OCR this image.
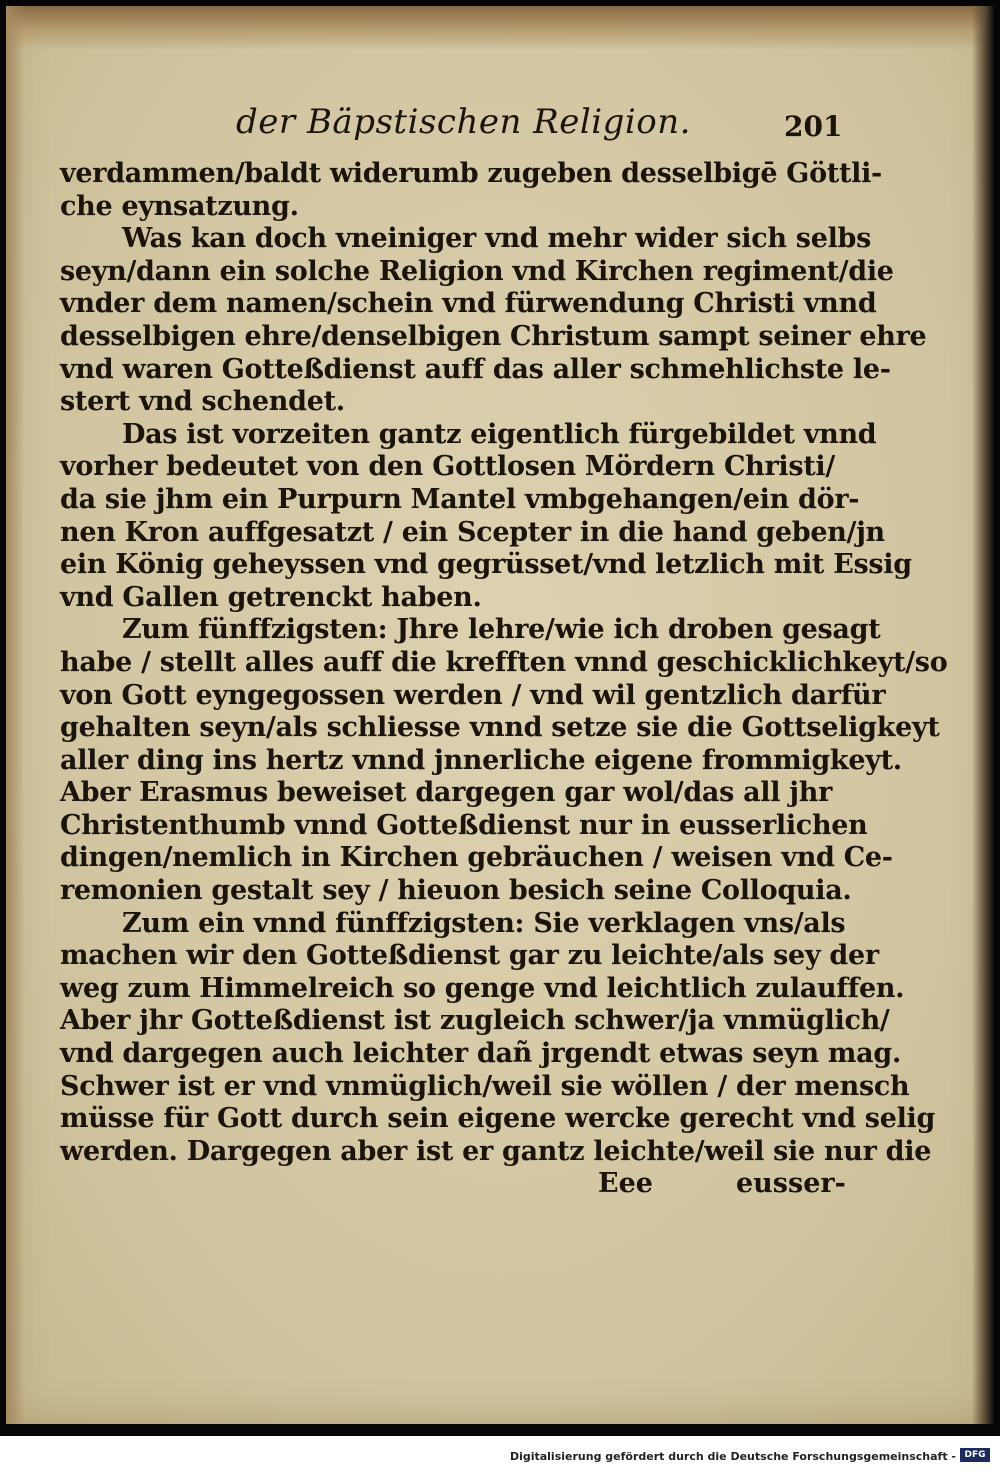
der Bäpstischen Religion.	201
verdammen/baldt widerumb zugeben desselbigē Göttli-
che eynsatzung.
Was kan doch vneiniger vnd mehr wider sich selbs
seyn/dann ein solche Religion vnd Kirchen regiment/die
vnder dem namen/schein vnd fürwendung Christi vnnd
desselbigen ehre/denselbigen Christum sampt seiner ehre
vnd waren Gotteßdienst auff das aller schmehlichste le-
stert vnd schendet.
Das ist vorzeiten gantz eigentlich fürgebildet vnnd
vorher bedeutet von den Gottlosen Mördern Christi/
da sie jhm ein Purpurn Mantel vmbgehangen/ein dör-
nen Kron auffgesatzt / ein Scepter in die hand geben/jn
ein König geheyssen vnd gegrüsset/vnd letzlich mit Essig
vnd Gallen getrenckt haben.
Zum fünffzigsten: Jhre lehre/wie ich droben gesagt
habe / stellt alles auff die krefften vnnd geschicklichkeyt/so
von Gott eyngegossen werden / vnd wil gentzlich darfür
gehalten seyn/als schliesse vnnd setze sie die Gottseligkeyt
aller ding ins hertz vnnd jnnerliche eigene frommigkeyt.
Aber Erasmus beweiset dargegen gar wol/das all jhr
Christenthumb vnnd Gotteßdienst nur in eusserlichen
dingen/nemlich in Kirchen gebräuchen / weisen vnd Ce-
remonien gestalt sey / hieuon besich seine Colloquia.
Zum ein vnnd fünffzigsten: Sie verklagen vns/als
machen wir den Gotteßdienst gar zu leichte/als sey der
weg zum Himmelreich so genge vnd leichtlich zulauffen.
Aber jhr Gotteßdienst ist zugleich schwer/ja vnmüglich/
vnd dargegen auch leichter dañ jrgendt etwas seyn mag.
Schwer ist er vnd vnmüglich/weil sie wöllen / der mensch
müsse für Gott durch sein eigene wercke gerecht vnd selig
werden. Dargegen aber ist er gantz leichte/weil sie nur die
Eee	eusser-
Digitalisierung gefördert durch die Deutsche Forschungsgemeinschaft - DFG
